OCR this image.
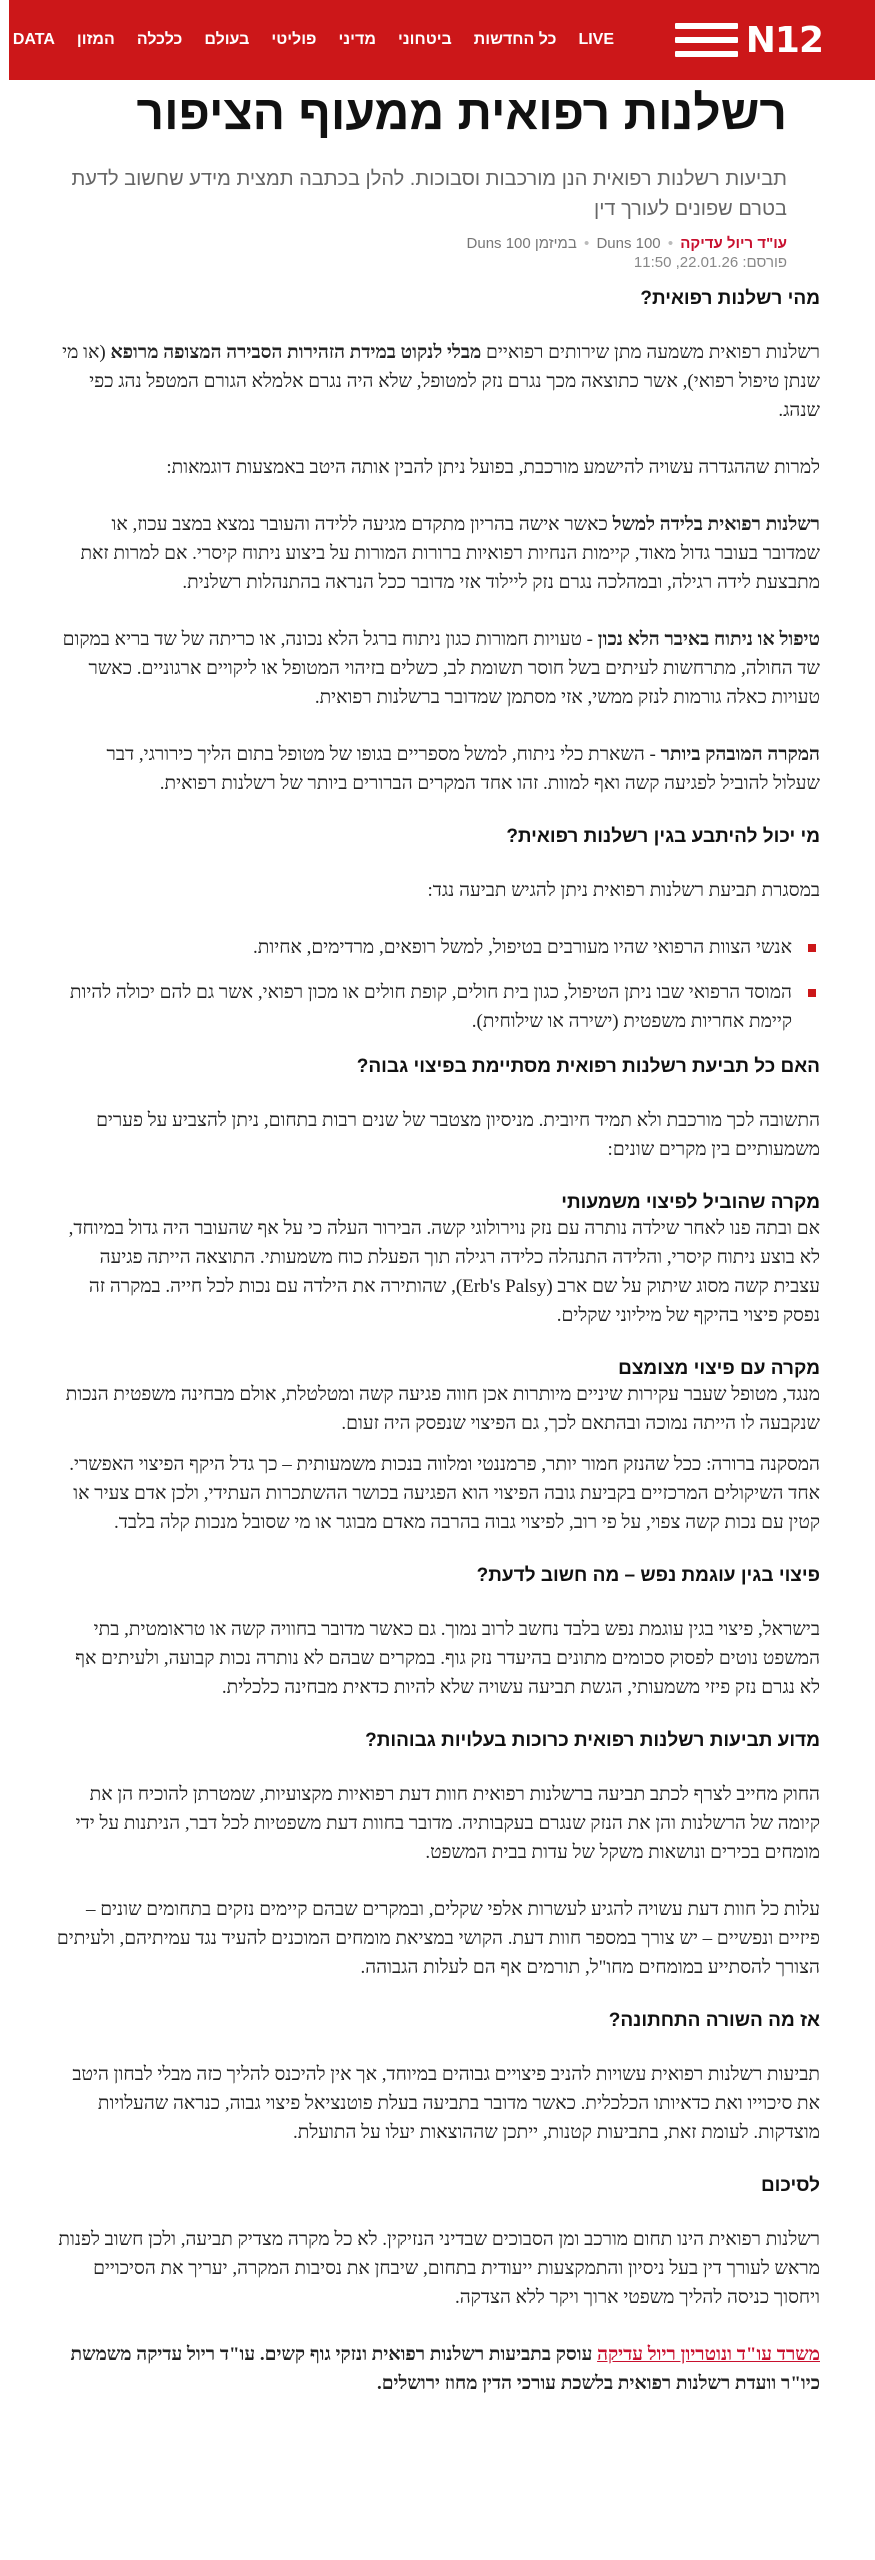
N12
LIVE
כל החדשות
ביטחוני
מדיני
פוליטי
בעולם
כלכלה
המזון
DATA
רשלנות רפואית ממעוף הציפור
תביעות רשלנות רפואית הנן מורכבות וסבוכות. להלן בכתבה תמצית מידע שחשוב לדעת בטרם שפונים לעורך דין
עו"ד ריול עדיקה • Duns 100 • במיזמן Duns 100
פורסם: 22.01.26, 11:50
מהי רשלנות רפואית?

רשלנות רפואית משמעה מתן שירותים רפואיים מבלי לנקוט במידת הזהירות הסבירה המצופה מרופא (או מי שנתן טיפול רפואי), אשר כתוצאה מכך נגרם נזק למטופל, שלא היה נגרם אלמלא הגורם המטפל נהג כפי שנהג.

למרות שההגדרה עשויה להישמע מורכבת, בפועל ניתן להבין אותה היטב באמצעות דוגמאות:

רשלנות רפואית בלידה למשל כאשר אישה בהריון מתקדם מגיעה ללידה והעובר נמצא במצב עכוז, או שמדובר בעובר גדול מאוד, קיימות הנחיות רפואיות ברורות המורות על ביצוע ניתוח קיסרי. אם למרות זאת מתבצעת לידה רגילה, ובמהלכה נגרם נזק ליילוד אזי מדובר ככל הנראה בהתנהלות רשלנית.

טיפול או ניתוח באיבר הלא נכון - טעויות חמורות כגון ניתוח ברגל הלא נכונה, או כריתה של שד בריא במקום שד החולה, מתרחשות לעיתים בשל חוסר תשומת לב, כשלים בזיהוי המטופל או ליקויים ארגוניים. כאשר טעויות כאלה גורמות לנזק ממשי, אזי מסתמן שמדובר ברשלנות רפואית.

המקרה המובהק ביותר - השארת כלי ניתוח, למשל מספריים בגופו של מטופל בתום הליך כירורגי, דבר שעלול להוביל לפגיעה קשה ואף למוות. זהו אחד המקרים הברורים ביותר של רשלנות רפואית.

מי יכול להיתבע בגין רשלנות רפואית?

במסגרת תביעת רשלנות רפואית ניתן להגיש תביעה נגד:

אנשי הצוות הרפואי שהיו מעורבים בטיפול, למשל רופאים, מרדימים, אחיות.
המוסד הרפואי שבו ניתן הטיפול, כגון בית חולים, קופת חולים או מכון רפואי, אשר גם להם יכולה להיות קיימת אחריות משפטית (ישירה או שילוחית).
האם כל תביעת רשלנות רפואית מסתיימת בפיצוי גבוה?

התשובה לכך מורכבת ולא תמיד חיובית. מניסיון מצטבר של שנים רבות בתחום, ניתן להצביע על פערים משמעותיים בין מקרים שונים:

מקרה שהוביל לפיצוי משמעותי

אם ובתה פנו לאחר שילדה נותרה עם נזק נוירולוגי קשה. הבירור העלה כי על אף שהעובר היה גדול במיוחד, לא בוצע ניתוח קיסרי, והלידה התנהלה כלידה רגילה תוך הפעלת כוח משמעותי. התוצאה הייתה פגיעה עצבית קשה מסוג שיתוק על שם ארב (Erb's Palsy), שהותירה את הילדה עם נכות לכל חייה. במקרה זה נפסק פיצוי בהיקף של מיליוני שקלים.

מקרה עם פיצוי מצומצם

מנגד, מטופל שעבר עקירות שיניים מיותרות אכן חווה פגיעה קשה ומטלטלת, אולם מבחינה משפטית הנכות שנקבעה לו הייתה נמוכה ובהתאם לכך, גם הפיצוי שנפסק היה זעום.

המסקנה ברורה: ככל שהנזק חמור יותר, פרמננטי ומלווה בנכות משמעותית – כך גדל היקף הפיצוי האפשרי. אחד השיקולים המרכזיים בקביעת גובה הפיצוי הוא הפגיעה בכושר ההשתכרות העתידי, ולכן אדם צעיר או קטין עם נכות קשה צפוי, על פי רוב, לפיצוי גבוה בהרבה מאדם מבוגר או מי שסובל מנכות קלה בלבד.

פיצוי בגין עוגמת נפש – מה חשוב לדעת?

בישראל, פיצוי בגין עוגמת נפש בלבד נחשב לרוב נמוך. גם כאשר מדובר בחוויה קשה או טראומטית, בתי המשפט נוטים לפסוק סכומים מתונים בהיעדר נזק גוף. במקרים שבהם לא נותרה נכות קבועה, ולעיתים אף לא נגרם נזק פיזי משמעותי, הגשת תביעה עשויה שלא להיות כדאית מבחינה כלכלית.

מדוע תביעות רשלנות רפואית כרוכות בעלויות גבוהות?

החוק מחייב לצרף לכתב תביעה ברשלנות רפואית חוות דעת רפואיות מקצועיות, שמטרתן להוכיח הן את קיומה של הרשלנות והן את הנזק שנגרם בעקבותיה. מדובר בחוות דעת משפטיות לכל דבר, הניתנות על ידי מומחים בכירים ונושאות משקל של עדות בבית המשפט.

עלות כל חוות דעת עשויה להגיע לעשרות אלפי שקלים, ובמקרים שבהם קיימים נזקים בתחומים שונים – פיזיים ונפשיים – יש צורך במספר חוות דעת. הקושי במציאת מומחים המוכנים להעיד נגד עמיתיהם, ולעיתים הצורך להסתייע במומחים מחו"ל, תורמים אף הם לעלות הגבוהה.

אז מה השורה התחתונה?

תביעות רשלנות רפואית עשויות להניב פיצויים גבוהים במיוחד, אך אין להיכנס להליך כזה מבלי לבחון היטב את סיכוייו ואת כדאיותו הכלכלית. כאשר מדובר בתביעה בעלת פוטנציאל פיצוי גבוה, כנראה שהעלויות מוצדקות. לעומת זאת, בתביעות קטנות, ייתכן שההוצאות יעלו על התועלת.

לסיכום

רשלנות רפואית הינו תחום מורכב ומן הסבוכים שבדיני הנזיקין. לא כל מקרה מצדיק תביעה, ולכן חשוב לפנות מראש לעורך דין בעל ניסיון והתמקצעות ייעודית בתחום, שיבחן את נסיבות המקרה, יעריך את הסיכויים ויחסוך כניסה להליך משפטי ארוך ויקר ללא הצדקה.

משרד עו"ד ונוטריון ריול עדיקה עוסק בתביעות רשלנות רפואית ונזקי גוף קשים. עו"ד ריול עדיקה משמשת כיו"ר וועדת רשלנות רפואית בלשכת עורכי הדין מחוז ירושלים.
